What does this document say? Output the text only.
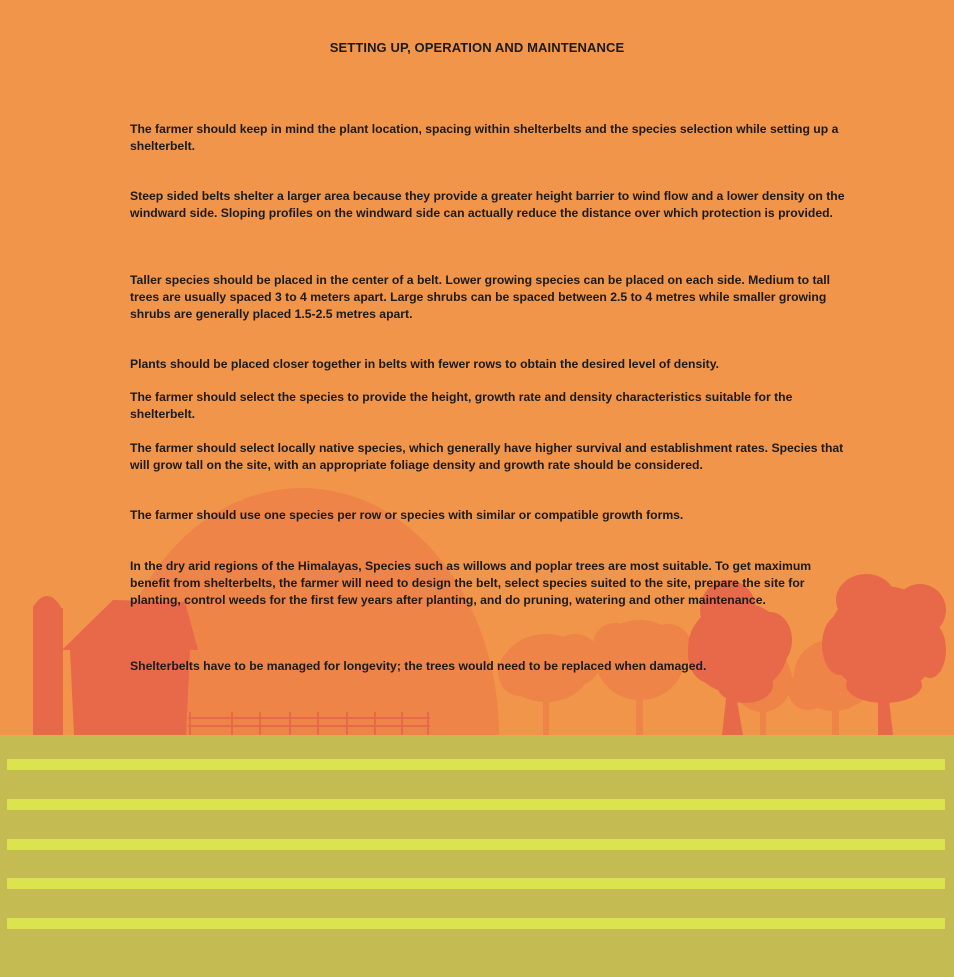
SETTING UP, OPERATION AND MAINTENANCE

The farmer should keep in mind the plant location, spacing within shelterbelts and the species selection while setting up a shelterbelt.

Steep sided belts shelter a larger area because they provide a greater height barrier to wind flow and a lower density on the windward side. Sloping profiles on the windward side can actually reduce the distance over which protection is provided.

Taller species should be placed in the center of a belt. Lower growing species can be placed on each side. Medium to tall trees are usually spaced 3 to 4 meters apart. Large shrubs can be spaced between 2.5 to 4 metres while smaller growing shrubs are generally placed 1.5-2.5 metres apart.

Plants should be placed closer together in belts with fewer rows to obtain the desired level of density.

The farmer should select the species to provide the height, growth rate and density characteristics suitable for the shelterbelt.

The farmer should select locally native species, which generally have higher survival and establishment rates. Species that will grow tall on the site, with an appropriate foliage density and growth rate should be considered.

The farmer should use one species per row or species with similar or compatible growth forms.

In the dry arid regions of the Himalayas, Species such as willows and poplar trees are most suitable. To get maximum benefit from shelterbelts, the farmer will need to design the belt, select species suited to the site, prepare the site for planting, control weeds for the first few years after planting, and do pruning, watering and other maintenance.

Shelterbelts have to be managed for longevity; the trees would need to be replaced when damaged.
